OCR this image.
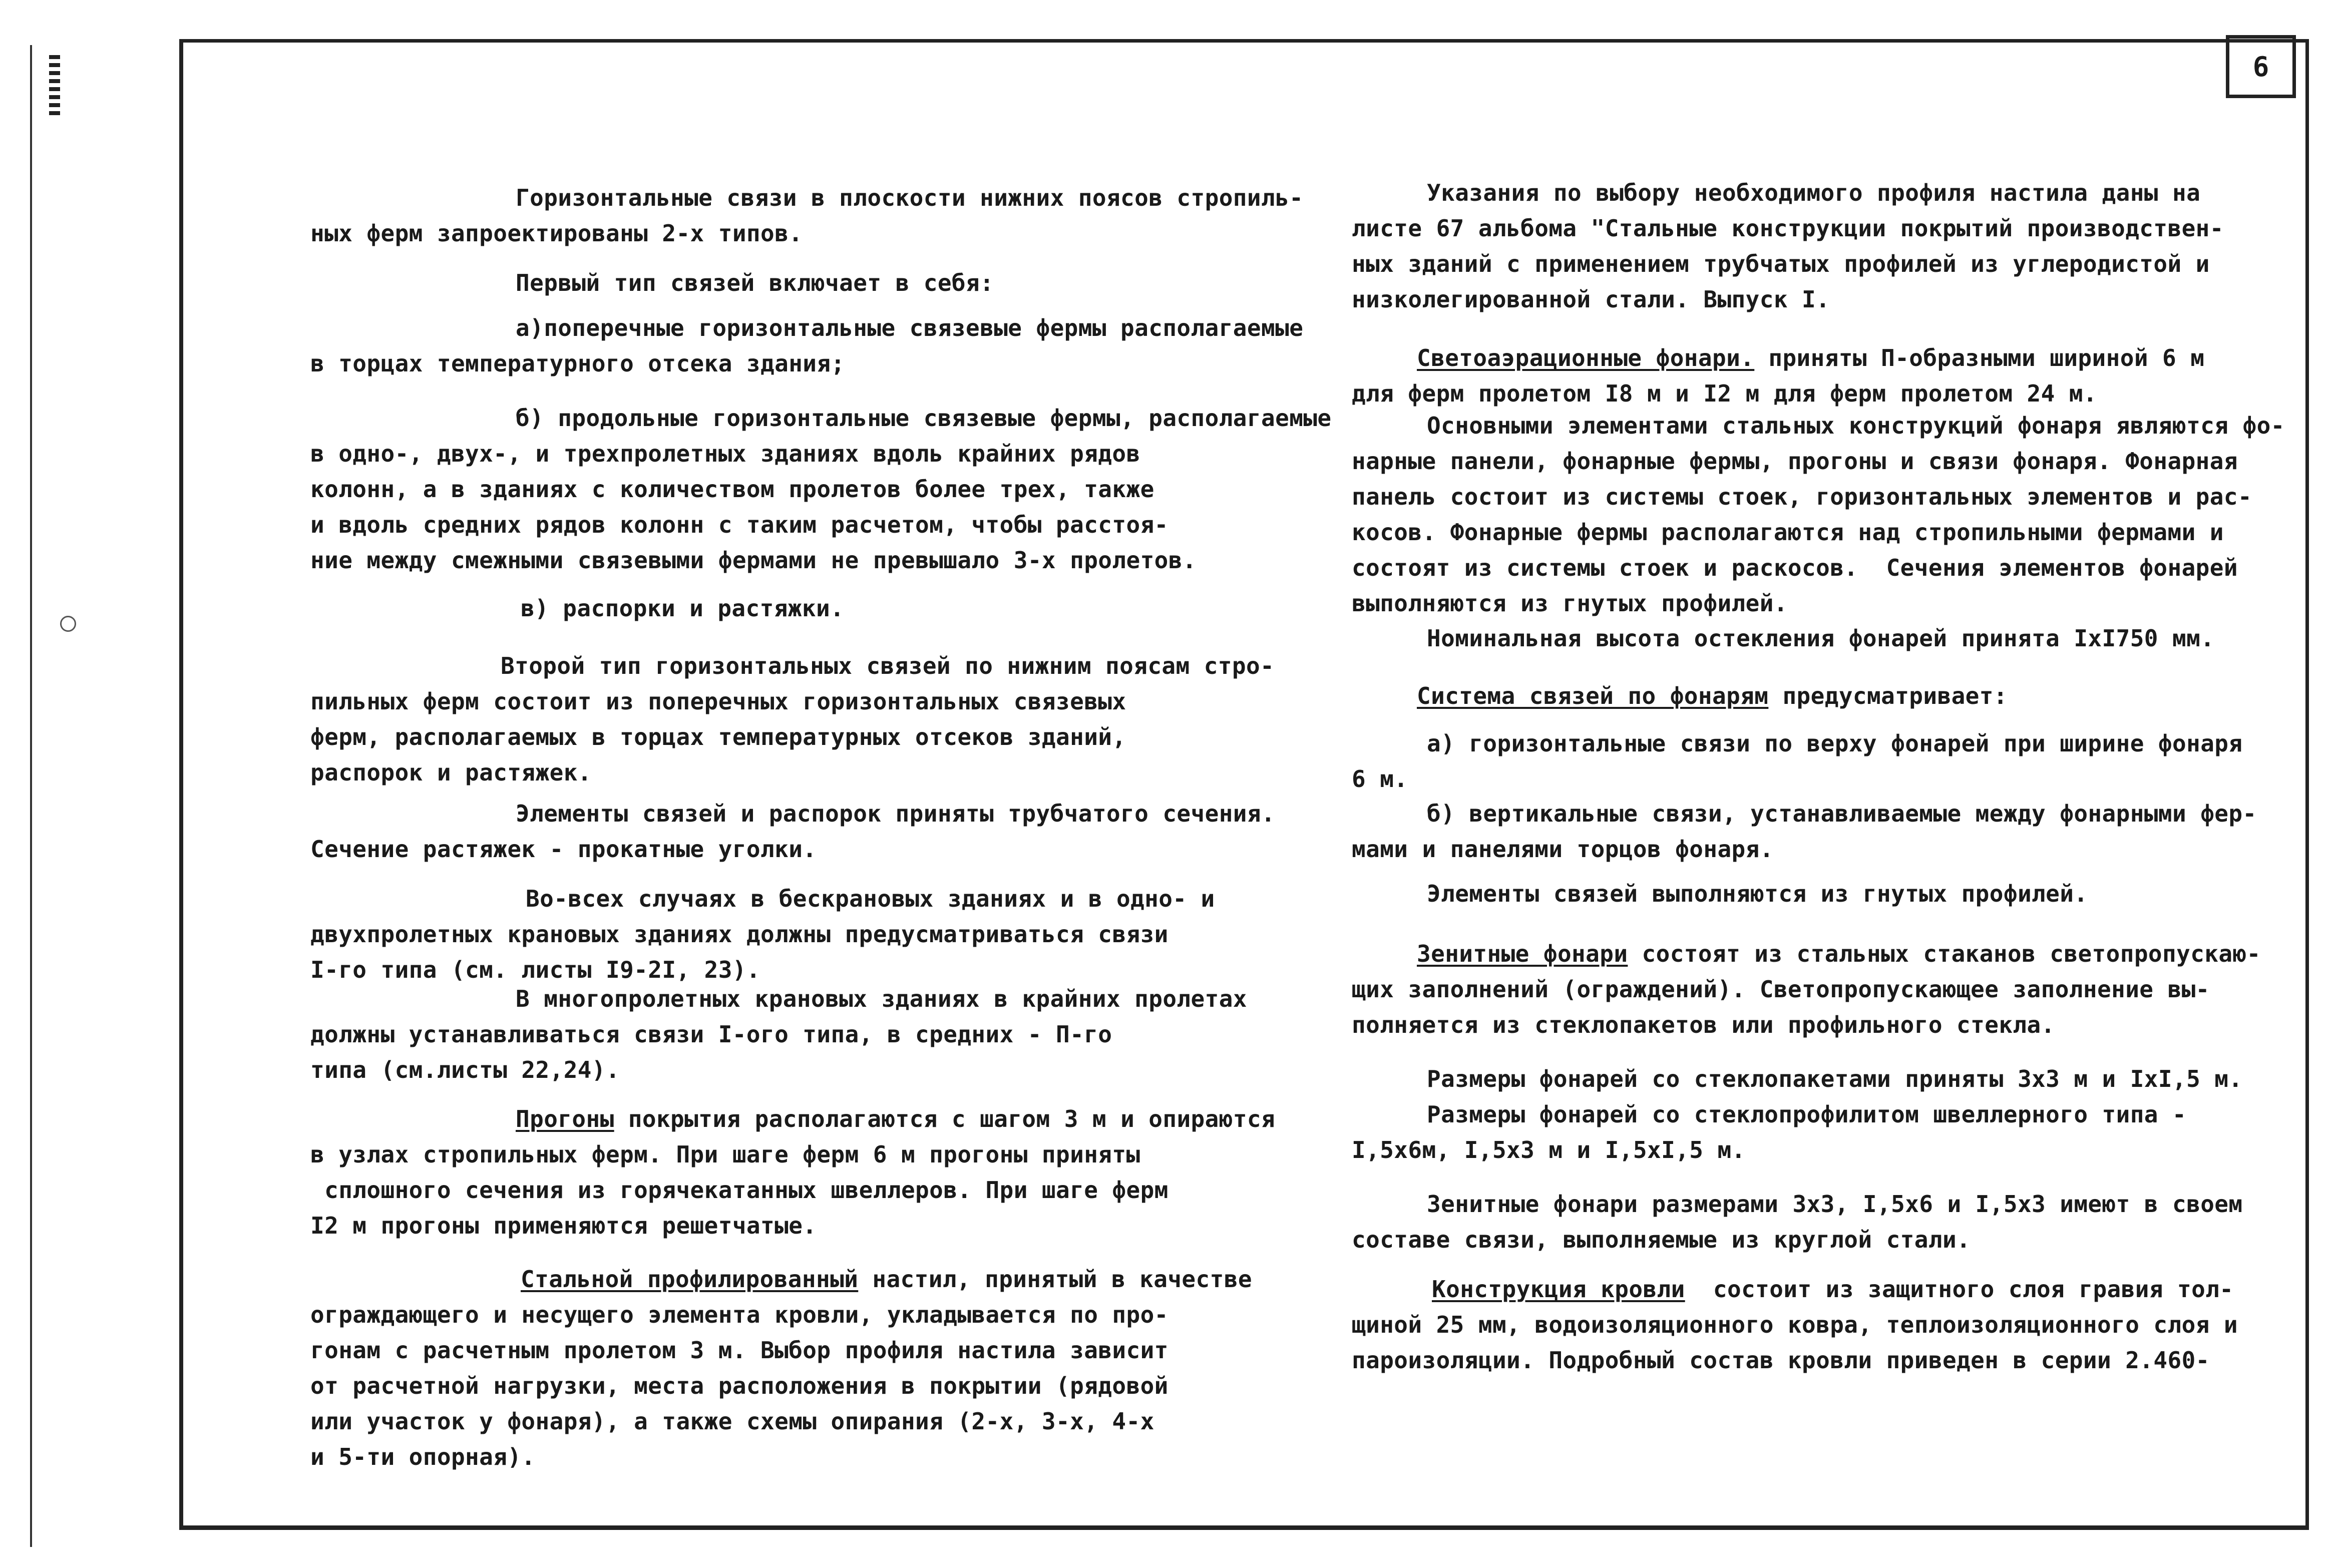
6

Горизонтальные связи в плоскости нижних поясов стропиль-

ных ферм запроектированы 2-х типов.

Первый тип связей включает в себя:

а)поперечные горизонтальные связевые фермы располагаемые

в торцах температурного отсека здания;

б) продольные горизонтальные связевые фермы, располагаемые

в одно-, двух-, и трехпролетных зданиях вдоль крайних рядов

колонн, а в зданиях с количеством пролетов более трех, также

и вдоль средних рядов колонн с таким расчетом, чтобы расстоя-

ние между смежными связевыми фермами не превышало 3-х пролетов.

в) распорки и растяжки.

Второй тип горизонтальных связей по нижним поясам стро-

пильных ферм состоит из поперечных горизонтальных связевых

ферм, располагаемых в торцах температурных отсеков зданий,

распорок и растяжек.

Элементы связей и распорок приняты трубчатого сечения.

Сечение растяжек - прокатные уголки.

Во-всех случаях в бескрановых зданиях и в одно- и

двухпролетных крановых зданиях должны предусматриваться связи

I-го типа (см. листы I9-2I, 23).

В многопролетных крановых зданиях в крайних пролетах

должны устанавливаться связи I-ого типа, в средних - П-го

типа (см.листы 22,24).

Прогоны покрытия располагаются с шагом 3 м и опираются

в узлах стропильных ферм. При шаге ферм 6 м прогоны приняты

сплошного сечения из горячекатанных швеллеров. При шаге ферм

I2 м прогоны применяются решетчатые.

Стальной профилированный настил, принятый в качестве

ограждающего и несущего элемента кровли, укладывается по про-

гонам с расчетным пролетом 3 м. Выбор профиля настила зависит

от расчетной нагрузки, места расположения в покрытии (рядовой

или участок у фонаря), а также схемы опирания (2-х, 3-х, 4-х

и 5-ти опорная).

Указания по выбору необходимого профиля настила даны на

листе 67 альбома "Стальные конструкции покрытий производствен-

ных зданий с применением трубчатых профилей из углеродистой и

низколегированной стали. Выпуск I.

Светоаэрационные фонари. приняты П-образными шириной 6 м

для ферм пролетом I8 м и I2 м для ферм пролетом 24 м.

Основными элементами стальных конструкций фонаря являются фо-

нарные панели, фонарные фермы, прогоны и связи фонаря. Фонарная

панель состоит из системы стоек, горизонтальных элементов и рас-

косов. Фонарные фермы располагаются над стропильными фермами и

состоят из системы стоек и раскосов.  Сечения элементов фонарей

выполняются из гнутых профилей.

Номинальная высота остекления фонарей принята IxI750 мм.

Система связей по фонарям предусматривает:

а) горизонтальные связи по верху фонарей при ширине фонаря

6 м.

б) вертикальные связи, устанавливаемые между фонарными фер-

мами и панелями торцов фонаря.

Элементы связей выполняются из гнутых профилей.

Зенитные фонари состоят из стальных стаканов светопропускаю-

щих заполнений (ограждений). Светопропускающее заполнение вы-

полняется из стеклопакетов или профильного стекла.

Размеры фонарей со стеклопакетами приняты 3х3 м и IхI,5 м.

Размеры фонарей со стеклопрофилитом швеллерного типа -

I,5х6м, I,5х3 м и I,5хI,5 м.

Зенитные фонари размерами 3х3, I,5х6 и I,5х3 имеют в своем

составе связи, выполняемые из круглой стали.

Конструкция кровли  состоит из защитного слоя гравия тол-

щиной 25 мм, водоизоляционного ковра, теплоизоляционного слоя и

пароизоляции. Подробный состав кровли приведен в серии 2.460-
